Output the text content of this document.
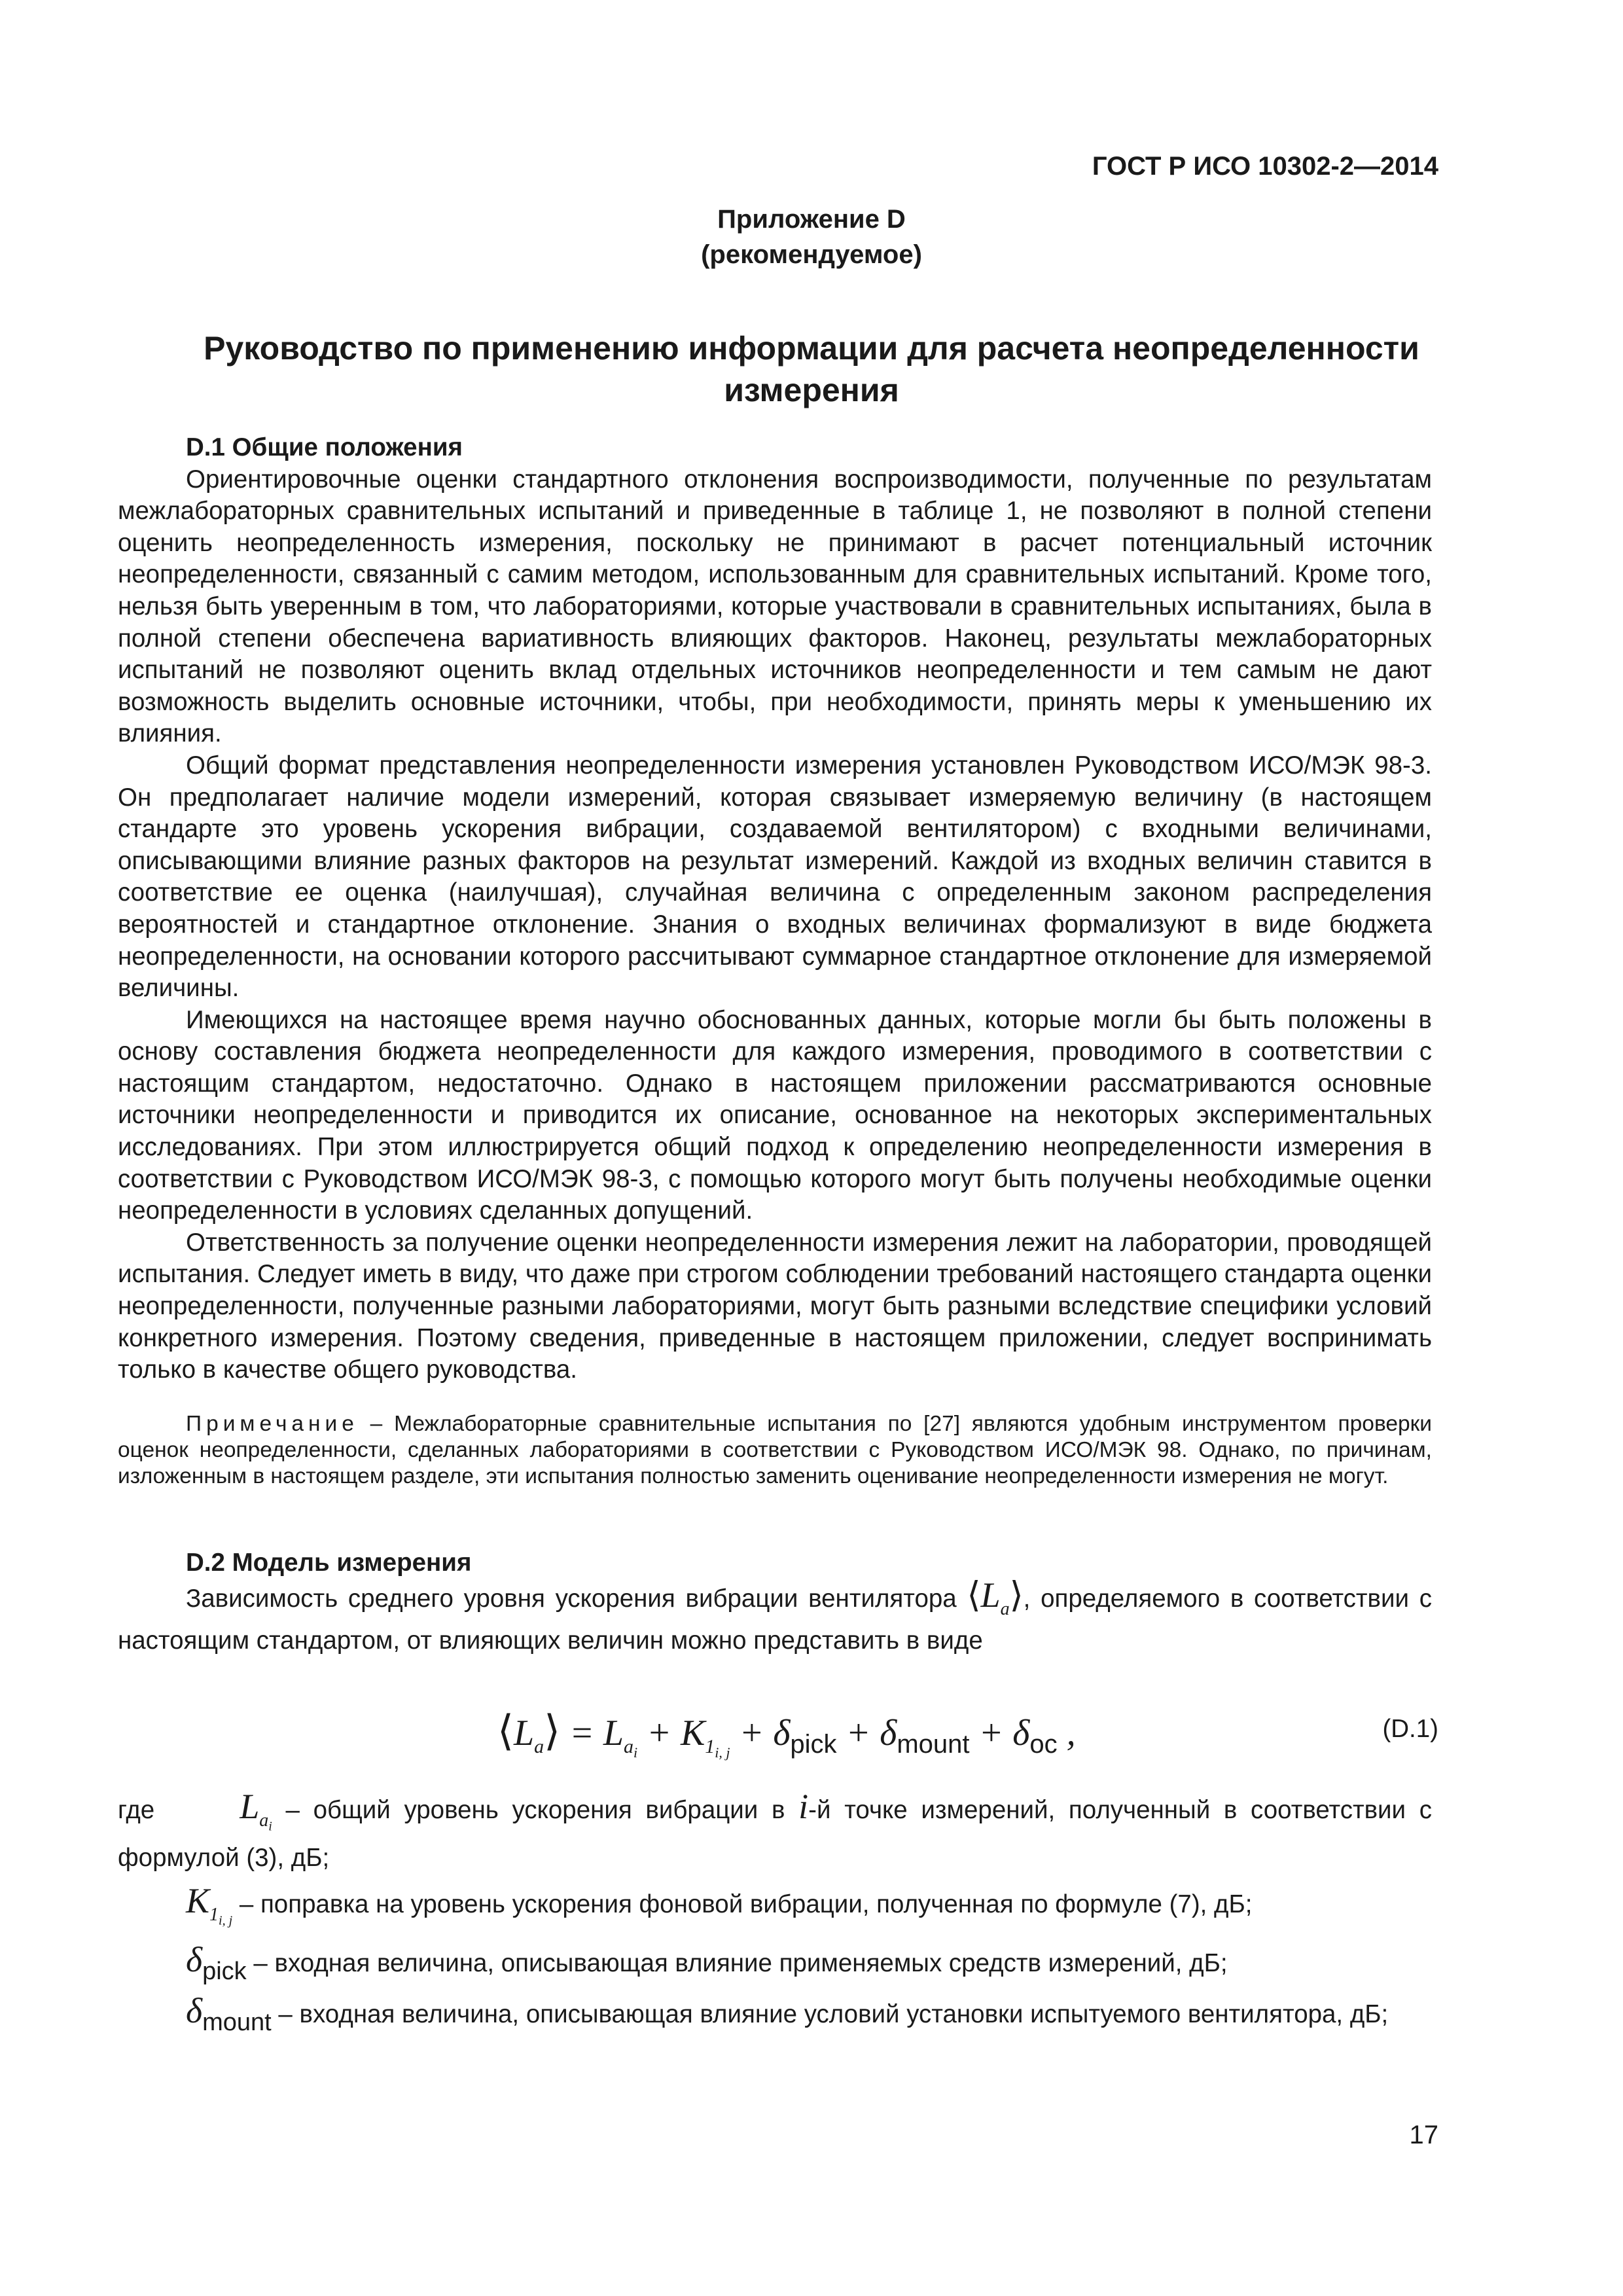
ГОСТ Р ИСО 10302-2—2014
Приложение D
(рекомендуемое)
Руководство по применению информации для расчета неопределенности
измерения
D.1 Общие положения

Ориентировочные оценки стандартного отклонения воспроизводимости, полученные по результатам межлабораторных сравнительных испытаний и приведенные в таблице 1, не позволяют в полной степени оценить неопределенность измерения, поскольку не принимают в расчет потенциальный источник неопределенности, связанный с самим методом, использованным для сравнительных испытаний. Кроме того, нельзя быть уверенным в том, что лабораториями, которые участвовали в сравнительных испытаниях, была в полной степени обеспечена вариативность влияющих факторов. Наконец, результаты межлабораторных испытаний не позволяют оценить вклад отдельных источников неопределенности и тем самым не дают возможность выделить основные источники, чтобы, при необходимости, принять меры к уменьшению их влияния.

Общий формат представления неопределенности измерения установлен Руководством ИСО/МЭК 98-3. Он предполагает наличие модели измерений, которая связывает измеряемую величину (в настоящем стандарте это уровень ускорения вибрации, создаваемой вентилятором) с входными величинами, описывающими влияние разных факторов на результат измерений. Каждой из входных величин ставится в соответствие ее оценка (наилучшая), случайная величина с определенным законом распределения вероятностей и стандартное отклонение. Знания о входных величинах формализуют в виде бюджета неопределенности, на основании которого рассчитывают суммарное стандартное отклонение для измеряемой величины.

Имеющихся на настоящее время научно обоснованных данных, которые могли бы быть положены в основу составления бюджета неопределенности для каждого измерения, проводимого в соответствии с настоящим стандартом, недостаточно. Однако в настоящем приложении рассматриваются основные источники неопределенности и приводится их описание, основанное на некоторых экспериментальных исследованиях. При этом иллюстрируется общий подход к определению неопределенности измерения в соответствии с Руководством ИСО/МЭК 98-3, с помощью которого могут быть получены необходимые оценки неопределенности в условиях сделанных допущений.

Ответственность за получение оценки неопределенности измерения лежит на лаборатории, проводящей испытания. Следует иметь в виду, что даже при строгом соблюдении требований настоящего стандарта оценки неопределенности, полученные разными лабораториями, могут быть разными вследствие специфики условий конкретного измерения. Поэтому сведения, приведенные в настоящем приложении, следует воспринимать только в качестве общего руководства.

Примечание – Межлабораторные сравнительные испытания по [27] являются удобным инструментом проверки оценок неопределенности, сделанных лабораториями в соответствии с Руководством ИСО/МЭК 98. Однако, по причинам, изложенным в настоящем разделе, эти испытания полностью заменить оценивание неопределенности измерения не могут.
D.2 Модель измерения

Зависимость среднего уровня ускорения вибрации вентилятора $⟨L_a⟩$, определяемого в соответствии с настоящим стандартом, от влияющих величин можно представить в виде

$⟨L_a⟩ = L_{a_i} + K_{1_{i, j}} + \delta_{pick} + \delta_{mount} + \delta_{oc}$ ,	(D.1)

где $L_{a_i}$ – общий уровень ускорения вибрации в i-й точке измерений, полученный в соответствии с формулой (3), дБ;

$K_{1_{i, j}}$ – поправка на уровень ускорения фоновой вибрации, полученная по формуле (7), дБ;

$\delta_{pick}$ – входная величина, описывающая влияние применяемых средств измерений, дБ;

$\delta_{mount}$ – входная величина, описывающая влияние условий установки испытуемого вентилятора, дБ;

17
